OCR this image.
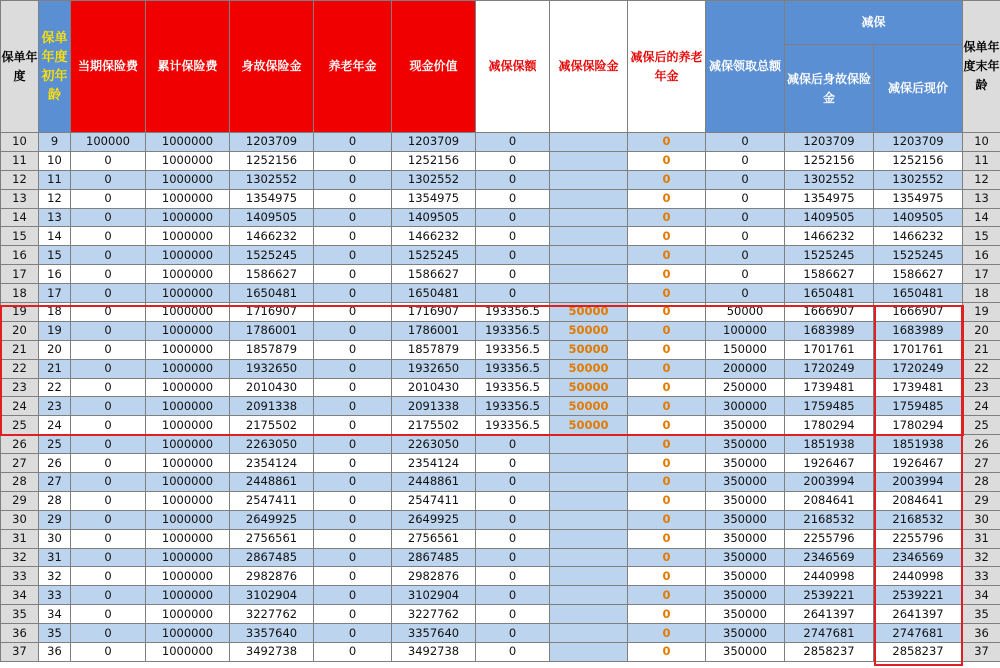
保单年度	保单年度初年龄	当期保险费	累计保险费	身故保险金	养老年金	现金价值	减保保额	减保保险金	减保后的养老年金	减保领取总额	减保		保单年度末年龄
											减保后身故保险金	减保后现价	
10	9	100000	1000000	1203709	0	1203709	0		0	0	1203709	1203709	10
11	10	0	1000000	1252156	0	1252156	0		0	0	1252156	1252156	11
12	11	0	1000000	1302552	0	1302552	0		0	0	1302552	1302552	12
13	12	0	1000000	1354975	0	1354975	0		0	0	1354975	1354975	13
14	13	0	1000000	1409505	0	1409505	0		0	0	1409505	1409505	14
15	14	0	1000000	1466232	0	1466232	0		0	0	1466232	1466232	15
16	15	0	1000000	1525245	0	1525245	0		0	0	1525245	1525245	16
17	16	0	1000000	1586627	0	1586627	0		0	0	1586627	1586627	17
18	17	0	1000000	1650481	0	1650481	0		0	0	1650481	1650481	18
19	18	0	1000000	1716907	0	1716907	193356.5	50000	0	50000	1666907	1666907	19
20	19	0	1000000	1786001	0	1786001	193356.5	50000	0	100000	1683989	1683989	20
21	20	0	1000000	1857879	0	1857879	193356.5	50000	0	150000	1701761	1701761	21
22	21	0	1000000	1932650	0	1932650	193356.5	50000	0	200000	1720249	1720249	22
23	22	0	1000000	2010430	0	2010430	193356.5	50000	0	250000	1739481	1739481	23
24	23	0	1000000	2091338	0	2091338	193356.5	50000	0	300000	1759485	1759485	24
25	24	0	1000000	2175502	0	2175502	193356.5	50000	0	350000	1780294	1780294	25
26	25	0	1000000	2263050	0	2263050	0		0	350000	1851938	1851938	26
27	26	0	1000000	2354124	0	2354124	0		0	350000	1926467	1926467	27
28	27	0	1000000	2448861	0	2448861	0		0	350000	2003994	2003994	28
29	28	0	1000000	2547411	0	2547411	0		0	350000	2084641	2084641	29
30	29	0	1000000	2649925	0	2649925	0		0	350000	2168532	2168532	30
31	30	0	1000000	2756561	0	2756561	0		0	350000	2255796	2255796	31
32	31	0	1000000	2867485	0	2867485	0		0	350000	2346569	2346569	32
33	32	0	1000000	2982876	0	2982876	0		0	350000	2440998	2440998	33
34	33	0	1000000	3102904	0	3102904	0		0	350000	2539221	2539221	34
35	34	0	1000000	3227762	0	3227762	0		0	350000	2641397	2641397	35
36	35	0	1000000	3357640	0	3357640	0		0	350000	2747681	2747681	36
37	36	0	1000000	3492738	0	3492738	0		0	350000	2858237	2858237	37
